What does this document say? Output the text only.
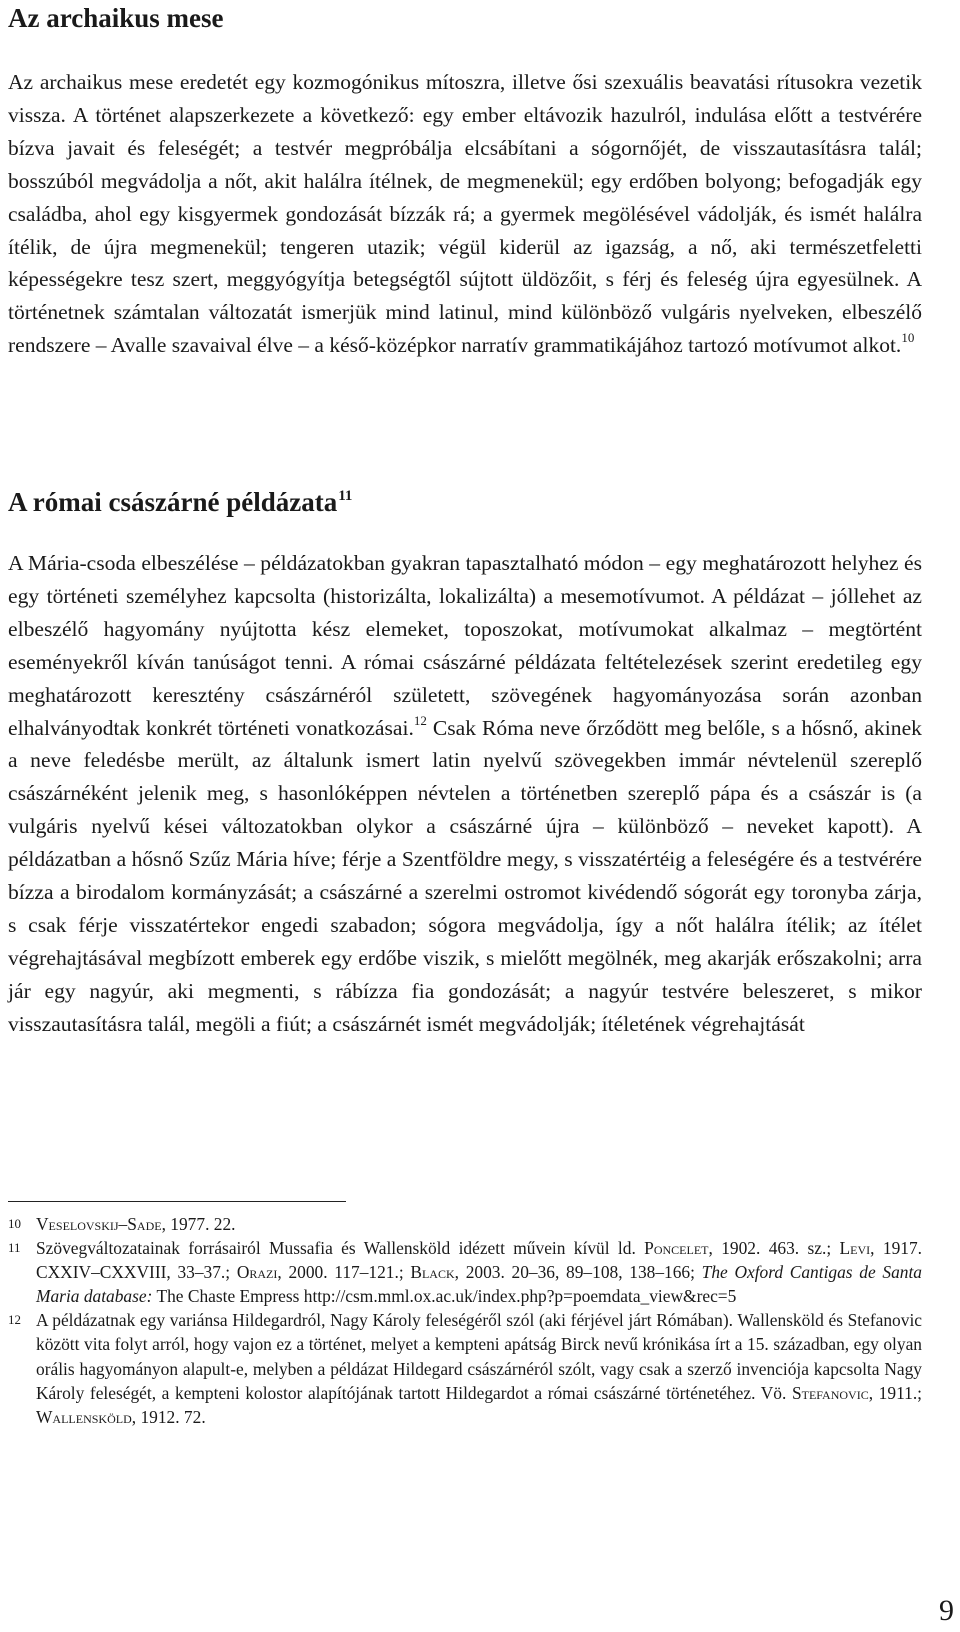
Az archaikus mese

Az archaikus mese eredetét egy kozmogónikus mítoszra, illetve ősi szexuális beavatási rítusokra vezetik vissza. A történet alapszerkezete a következő: egy ember eltávozik hazulról, indulása előtt a testvérére bízva javait és feleségét; a testvér megpróbálja elcsábítani a sógornőjét, de visszautasításra talál; bosszúból megvádolja a nőt, akit halálra ítélnek, de megmenekül; egy erdőben bolyong; befogadják egy családba, ahol egy kisgyermek gondozását bízzák rá; a gyermek megölésével vádolják, és ismét halálra ítélik, de újra megmenekül; tengeren utazik; végül kiderül az igazság, a nő, aki természetfeletti képességekre tesz szert, meggyógyítja betegségtől sújtott üldözőit, s férj és feleség újra egyesülnek. A történetnek számtalan változatát ismerjük mind latinul, mind különböző vulgáris nyelveken, elbeszélő rendszere – Avalle szavaival élve – a késő-középkor narratív grammatikájához tartozó motívumot alkot.$^{10}$

A római császárné példázata$^{11}$

A Mária-csoda elbeszélése – példázatokban gyakran tapasztalható módon – egy meghatározott helyhez és egy történeti személyhez kapcsolta (historizálta, lokalizálta) a mesemotívumot. A példázat – jóllehet az elbeszélő hagyomány nyújtotta kész elemeket, toposzokat, motívumokat alkalmaz – megtörtént eseményekről kíván tanúságot tenni. A római császárné példázata feltételezések szerint eredetileg egy meghatározott keresztény császárnéról született, szövegének hagyományozása során azonban elhalványodtak konkrét történeti vonatkozásai.$^{12}$ Csak Róma neve őrződött meg belőle, s a hősnő, akinek a neve feledésbe merült, az általunk ismert latin nyelvű szövegekben immár névtelenül szereplő császárnéként jelenik meg, s hasonlóképpen névtelen a történetben szereplő pápa és a császár is (a vulgáris nyelvű kései változatokban olykor a császárné újra – különböző – neveket kapott). A példázatban a hősnő Szűz Mária híve; férje a Szentföldre megy, s visszatértéig a feleségére és a testvérére bízza a birodalom kormányzását; a császárné a szerelmi ostromot kivédendő sógorát egy toronyba zárja, s csak férje visszatértekor engedi szabadon; sógora megvádolja, így a nőt halálra ítélik; az ítélet végrehajtásával megbízott emberek egy erdőbe viszik, s mielőtt megölnék, meg akarják erőszakolni; arra jár egy nagyúr, aki megmenti, s rábízza fia gondozását; a nagyúr testvére beleszeret, s mikor visszautasításra talál, megöli a fiút; a császárnét ismét megvádolják; ítéletének végrehajtását

10 Veselovskij–Sade, 1977. 22.

11 Szövegváltozatainak forrásairól Mussafia és Wallensköld idézett művein kívül ld. Poncelet, 1902. 463. sz.; Levi, 1917. CXXIV–CXXVIII, 33–37.; Orazi, 2000. 117–121.; Black, 2003. 20–36, 89–108, 138–166; The Oxford Cantigas de Santa Maria database: The Chaste Empress http://csm.mml.ox.ac.uk/index.php?p=poemdata_view&rec=5

12 A példázatnak egy variánsa Hildegardról, Nagy Károly feleségéről szól (aki férjével járt Rómában). Wallensköld és Stefanovic között vita folyt arról, hogy vajon ez a történet, melyet a kempteni apátság Birck nevű krónikása írt a 15. században, egy olyan orális hagyományon alapult-e, melyben a példázat Hildegard császárnéról szólt, vagy csak a szerző invenciója kapcsolta Nagy Károly feleségét, a kempteni kolostor alapítójának tartott Hildegardot a római császárné történetéhez. Vö. Stefanovic, 1911.; Wallensköld, 1912. 72.

9
